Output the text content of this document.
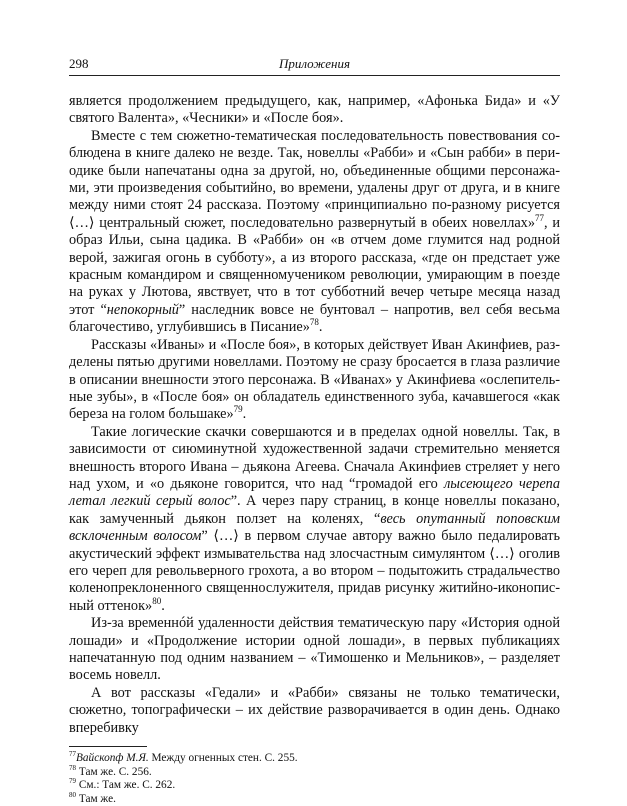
298	Приложения

является продолжением предыдущего, как, например, «Афонька Бида» и «У святого Валента», «Чесники» и «После боя».

Вместе с тем сюжетно-тематическая последовательность повествования соблюдена в книге далеко не везде. Так, новеллы «Рабби» и «Сын рабби» в периодике были напечатаны одна за другой, но, объединенные общими персонажами, эти произведения событийно, во времени, удалены друг от друга, и в книге между ними стоят 24 рассказа. Поэтому «принципиально по-разному рисуется ⟨…⟩ центральный сюжет, последовательно развернутый в обеих новеллах»$^{77}$, и образ Ильи, сына цадика. В «Рабби» он «в отчем доме глумится над родной верой, зажигая огонь в субботу», а из второго рассказа, «где он предстает уже красным командиром и священномучеником революции, умирающим в поезде на руках у Лютова, явствует, что в тот субботний вечер четыре месяца назад этот “непокорный” наследник вовсе не бунтовал – напротив, вел себя весьма благочестиво, углубившись в Писание»$^{78}$.

Рассказы «Иваны» и «После боя», в которых действует Иван Акинфиев, разделены пятью другими новеллами. Поэтому не сразу бросается в глаза различие в описании внешности этого персонажа. В «Иванах» у Акинфиева «ослепительные зубы», в «После боя» он обладатель единственного зуба, качавшегося «как береза на голом большаке»$^{79}$.

Такие логические скачки совершаются и в пределах одной новеллы. Так, в зависимости от сиюминутной художественной задачи стремительно меняется внешность второго Ивана – дьякона Агеева. Сначала Акинфиев стреляет у него над ухом, и «о дьяконе говорится, что над “громадой его лысеющего черепа летал легкий серый волос”. А через пару страниц, в конце новеллы показано, как замученный дьякон ползет на коленях, “весь опутанный поповским всклоченным волосом” ⟨…⟩ в первом случае автору важно было педалировать акустический эффект измывательства над злосчастным симулянтом ⟨…⟩ оголив его череп для револьверного грохота, а во втором – подытожить страдальчество коленопреклоненного священнослужителя, придав рисунку житийно-иконописный оттенок»$^{80}$.

Из-за временнóй удаленности действия тематическую пару «История одной лошади» и «Продолжение истории одной лошади», в первых публикациях напечатанную под одним названием – «Тимошенко и Мельников», – разделяет восемь новелл.

А вот рассказы «Гедали» и «Рабби» связаны не только тематически, сюжетно, топографически – их действие разворачивается в один день. Однако вперебивку

$^{77}$Вайскопф М.Я. Между огненных стен. С. 255.

$^{78}$ Там же. С. 256.

$^{79}$ См.: Там же. С. 262.

$^{80}$ Там же.
